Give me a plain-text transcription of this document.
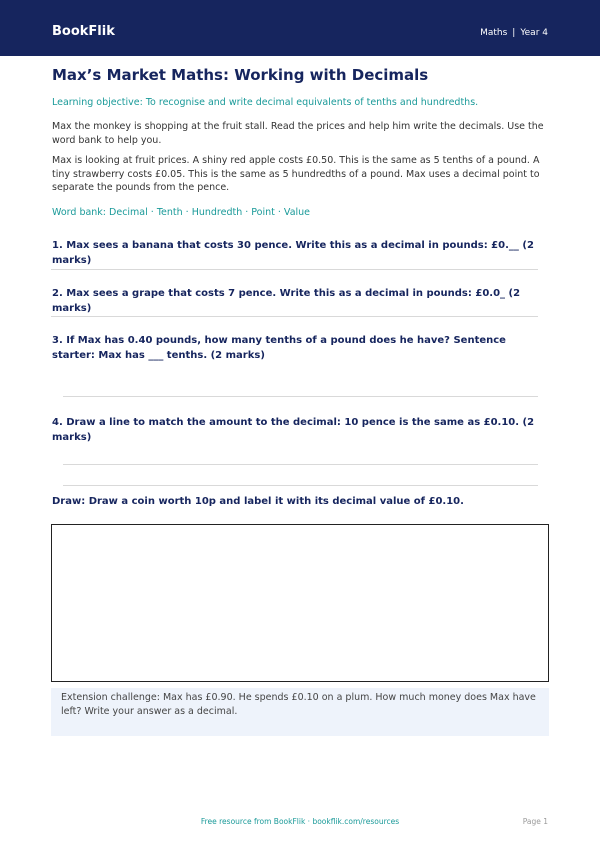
BookFlik	Maths | Year 4
Max’s Market Maths: Working with Decimals
Learning objective: To recognise and write decimal equivalents of tenths and hundredths.

Max the monkey is shopping at the fruit stall. Read the prices and help him write the decimals. Use the word bank to help you.

Max is looking at fruit prices. A shiny red apple costs £0.50. This is the same as 5 tenths of a pound. A tiny strawberry costs £0.05. This is the same as 5 hundredths of a pound. Max uses a decimal point to separate the pounds from the pence.

Word bank: Decimal · Tenth · Hundredth · Point · Value
1. Max sees a banana that costs 30 pence. Write this as a decimal in pounds: £0.__ (2 marks)
2. Max sees a grape that costs 7 pence. Write this as a decimal in pounds: £0.0_ (2 marks)
3. If Max has 0.40 pounds, how many tenths of a pound does he have? Sentence starter: Max has ___ tenths. (2 marks)
4. Draw a line to match the amount to the decimal: 10 pence is the same as £0.10. (2 marks)
Draw: Draw a coin worth 10p and label it with its decimal value of £0.10.
Extension challenge: Max has £0.90. He spends £0.10 on a plum. How much money does Max have left? Write your answer as a decimal.
Free resource from BookFlik · bookflik.com/resources	Page 1
